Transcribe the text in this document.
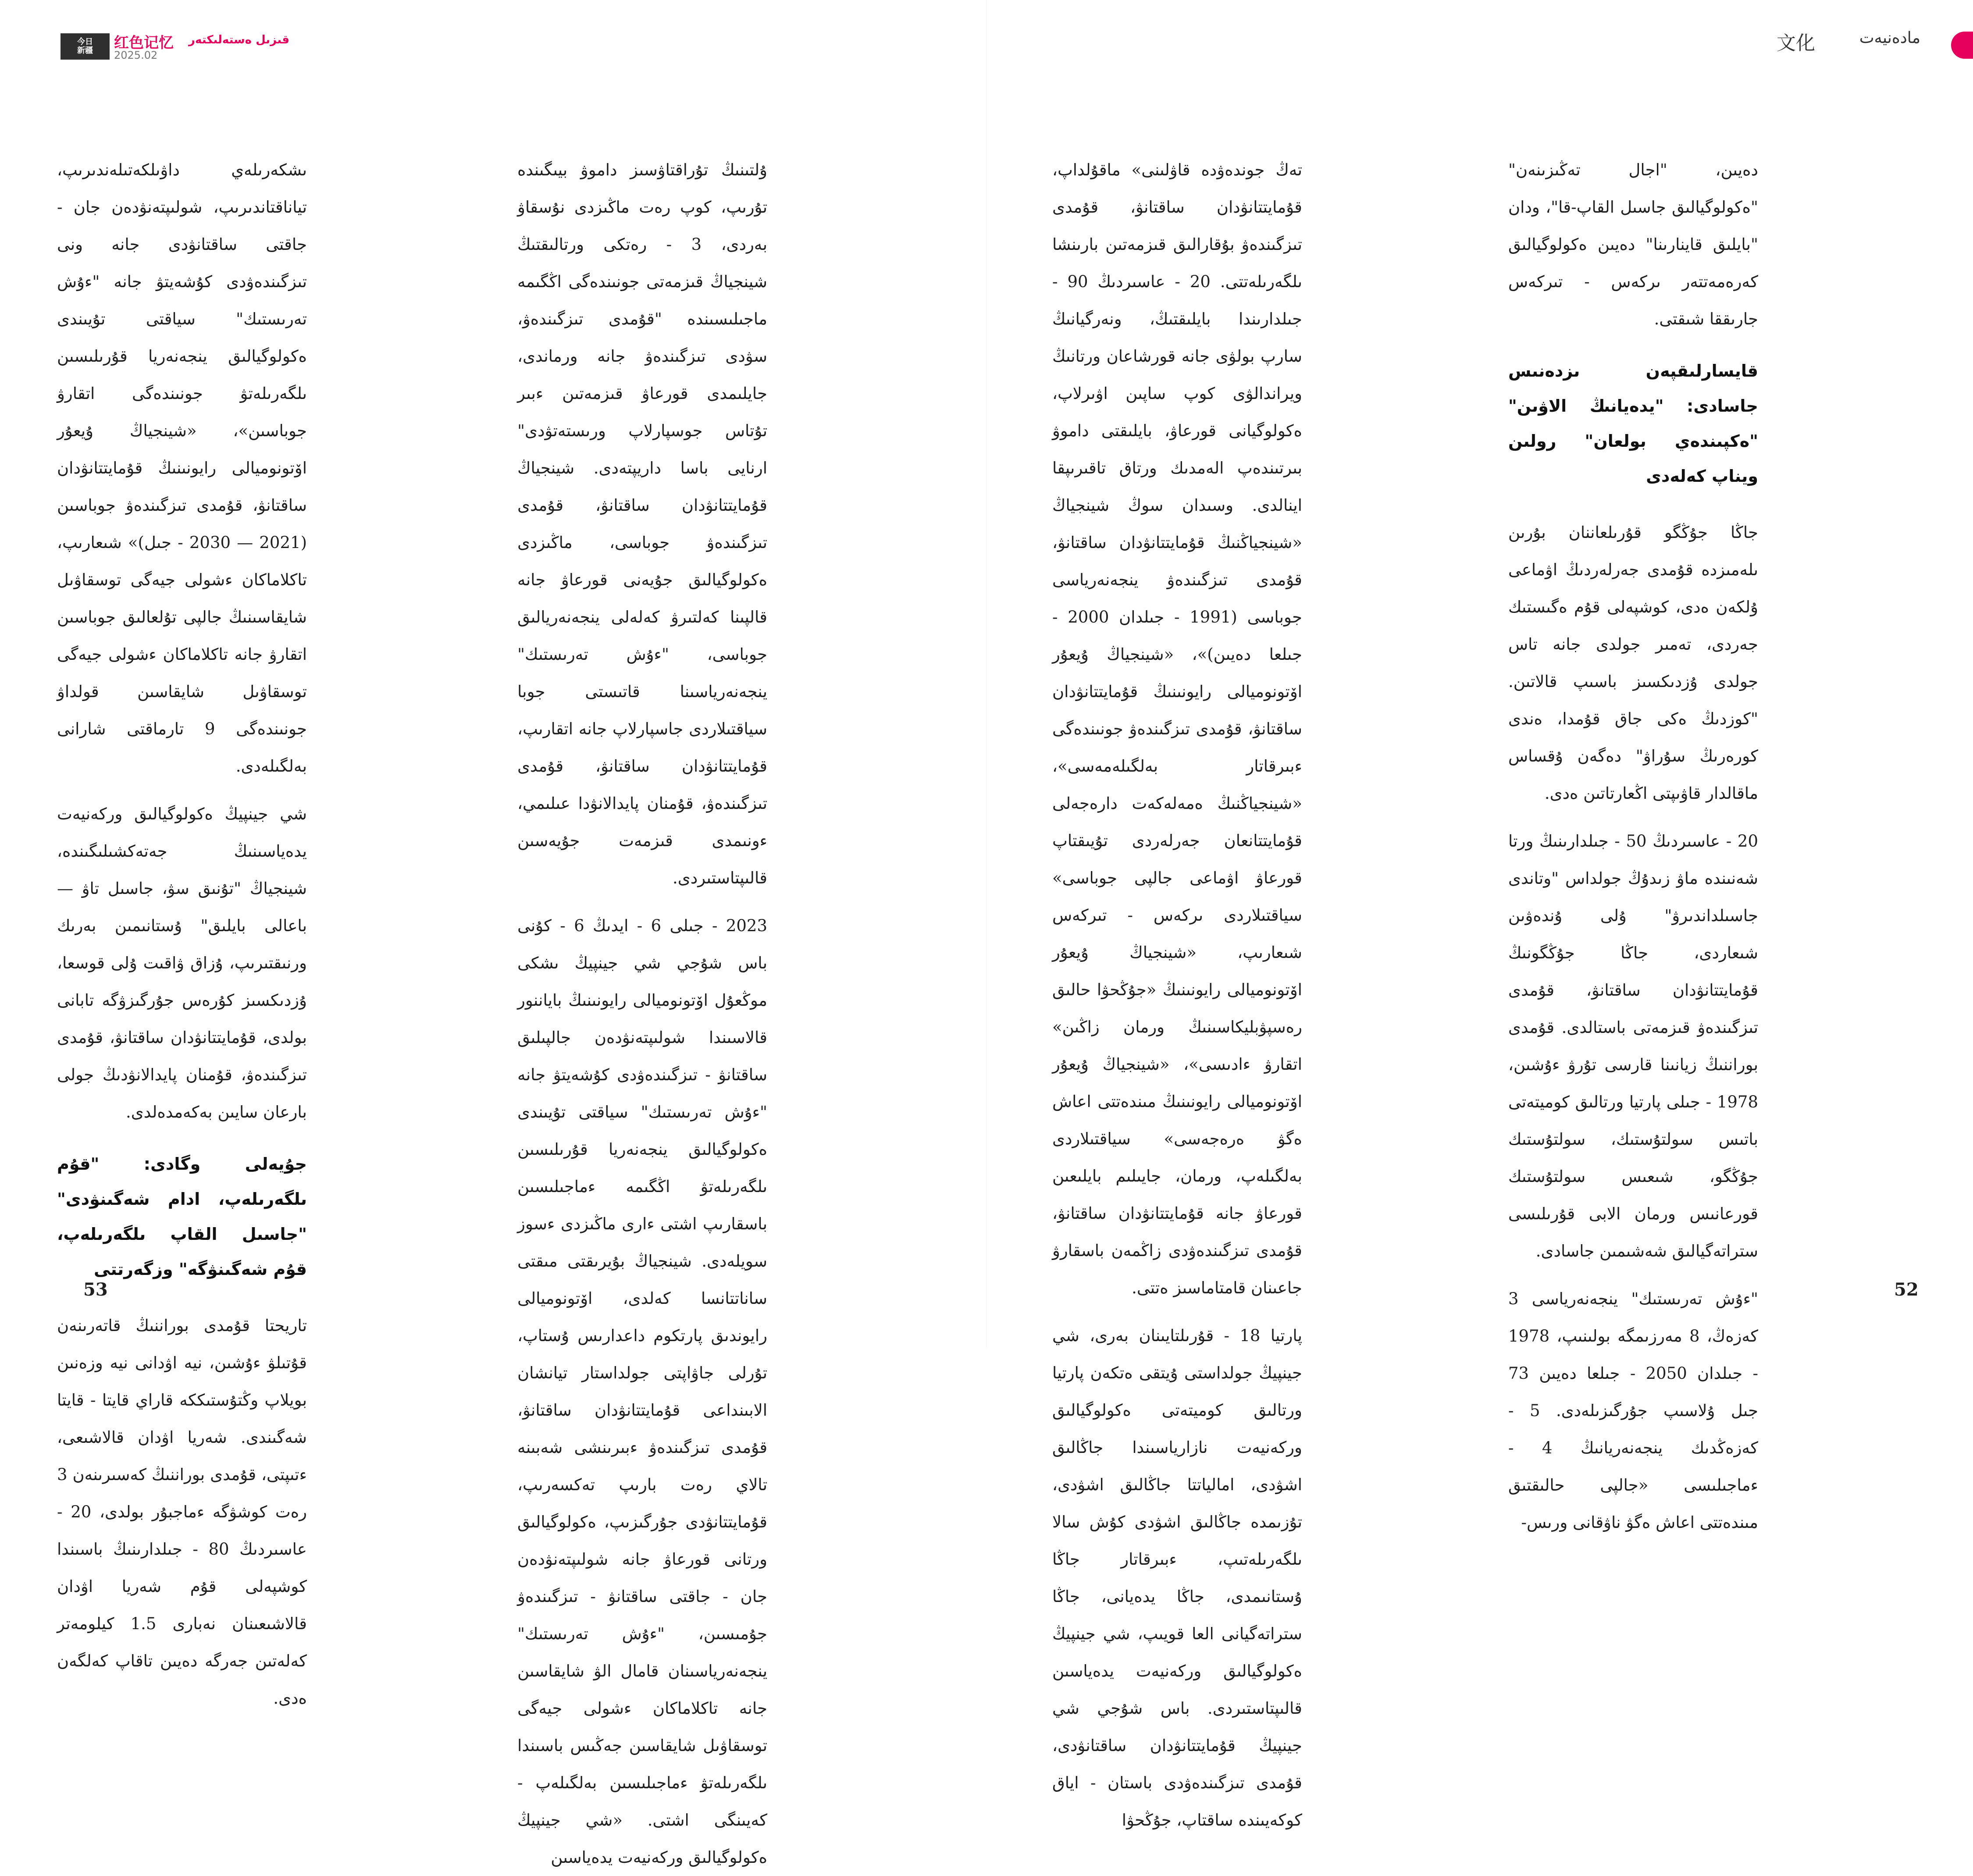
今日
新疆 红色记忆 قىزىل ەستەلىكتەر
2025.02
مادەنيەت
文化

دەيىن، "اجال تەڭىزىنەن" "ەكولوگيالىق جاسىل القاپ-قا"، ودان "بايلىق قاينارىنا" دەيىن ەكولوگيالىق كەرەمەتتەر ىركەس - تىركەس جارىققا شىقتى.

قايسارلىقپەن ىزدەنىس جاسادى: "يدەيانىڭ الاۋىن" "ەكپىندەي بولعان" رولىن ويناپ كەلەدى

جاڭا جۇڭگو قۇرىلعاننان بۇرىن ىلەمىزدە قۇمدى جەرلەردىڭ اۋماعى ۇلكەن ەدى، كوشپەلى قۇم ەگىستىك جەردى، تەمىر جولدى جانە تاس جولدى ۇزدىكسىز باسىپ قالاتىن. "كوزدىڭ ەكى جاق قۇمدا، ەندى كورەرىڭ سۇراۋ" دەگەن ۇقساس ماقالدار قاۋىپتى اڭعارتاتىن ەدى.

20 - عاسىردىڭ 50 - جىلدارىنىڭ ورتا شەنىندە ماۋ زىدۇڭ جولداس "وتاندى جاسىلداندىرۋ" ۇلى ۇندەۋىن شىعاردى، جاڭا جۇڭگونىڭ قۇمايتتانۋدان ساقتانۋ، قۇمدى تىزگىندەۋ قىزمەتى باستالدى. قۇمدى بوراننىڭ زيانىنا قارسى تۇرۋ ءۇشىن، 1978 - جىلى پارتيا ورتالىق كوميتەتى باتىس سولتۇستىك، سولتۇستىك جۇڭگو، شىعىس سولتۇستىك قورعانىس ورمان الابى قۇرىلىسى ستراتەگيالىق شەشىمىن جاسادى.

"ءۇش تەرىستىك" ينجەنەرياسى 3 كەزەڭ، 8 مەرزىمگە بولىنىپ، 1978 - جىلدان 2050 - جىلعا دەيىن 73 جىل ۇلاسىپ جۇرگىزىلەدى. 5 - كەزەڭدىك ينجەنەريانىڭ 4 - ءماجىلىسى «جالپى حالىقتىق مىندەتتى اعاش ەگۋ ناۋقانى ورىس-

تەڭ جوندەۋدە قاۋلىنى» ماقۇلداپ، قۇمايتتانۋدان ساقتانۋ، قۇمدى تىزگىندەۋ بۇقارالىق قىزمەتىن بارىنشا ىلگەرىلەتتى. 20 - عاسىردىڭ 90 - جىلدارىندا بايلىقتىڭ، ونەرگيانىڭ سارپ بولۋى جانە قورشاعان ورتانىڭ ويراندالۋى كوپ ساپىن اۋىرلاپ، ەكولوگيانى قورعاۋ، بايلىقتى داموۋ بىرتىندەپ الەمدىك ورتاق تاقىرىپقا اينالدى. وسىدان سوڭ شينجياڭ «شينجياڭنىڭ قۇمايتتانۋدان ساقتانۋ، قۇمدى تىزگىندەۋ ينجەنەرياسى جوباسى (1991 - جىلدان 2000 - جىلعا دەيىن)»، «شينجياڭ ۇيعۇر اۆتونوميالى رايونىنىڭ قۇمايتتانۋدان ساقتانۋ، قۇمدى تىزگىندەۋ جونىندەگى ءبىرقاتار بەلگىلەمەسى»، «شينجياڭنىڭ ەمەلەكەت دارەجەلى قۇمايتتانعان جەرلەردى تۇيىقتاپ قورعاۋ اۋماعى جالپى جوباسى» سياقتىلاردى ىركەس - تىركەس شىعارىپ، «شينجياڭ ۇيعۇر اۆتونوميالى رايونىنىڭ «جۇڭحۋا حالىق رەسپۋبليكاسىنىڭ ورمان زاڭىن» اتقارۋ ءادىسى»، «شينجياڭ ۇيعۇر اۆتونوميالى رايونىنىڭ مىندەتتى اعاش ەگۋ ەرەجەسى» سياقتىلاردى بەلگىلەپ، ورمان، جايىلىم بايلىعىن قورعاۋ جانە قۇمايتتانۋدان ساقتانۋ، قۇمدى تىزگىندەۋدى زاڭمەن باسقارۋ جاعىنان قامتاماسىز ەتتى.

پارتيا 18 - قۇرىلتايىنان بەرى، شي جينپيڭ جولداستى ۇيتقى ەتكەن پارتيا ورتالىق كوميتەتى ەكولوگيالىق وركەنيەت نازارياسىندا جاڭالىق اشۋدى، امالياتتا جاڭالىق اشۋدى، تۇزىمدە جاڭالىق اشۋدى كۇش سالا ىلگەرىلەتىپ، ءبىرقاتار جاڭا ۇستانىمدى، جاڭا يدەيانى، جاڭا ستراتەگيانى العا قويىپ، شي جينپيڭ ەكولوگيالىق وركەنيەت يدەياسىن قالىپتاستىردى. باس شۇجي شي جينپيڭ قۇمايتتانۋدان ساقتانۋدى، قۇمدى تىزگىندەۋدى باستان - اياق كوكەيىندە ساقتاپ، جۇڭحۋا

ۇلتىنىڭ تۇراقتاۋسىز داموۋ بيىگىندە تۇرىپ، كوپ رەت ماڭىزدى نۇسقاۋ بەردى، 3 - رەتكى ورتالىقتىڭ شينجياڭ قىزمەتى جونىندەگى اڭگىمە ماجىلىسىندە "قۇمدى تىزگىندەۋ، سۋدى تىزگىندەۋ جانە ورماندى، جايلىمدى قورعاۋ قىزمەتىن ءبىر تۇتاس جوسپارلاپ ورىستەتۋدى" ارنايى باسا داريپتەدى. شينجياڭ قۇمايتتانۋدان ساقتانۋ، قۇمدى تىزگىندەۋ جوباسى، ماڭىزدى ەكولوگيالىق جۇيەنى قورعاۋ جانە قالپىنا كەلتىرۋ كەلەلى ينجەنەريالىق جوباسى، "ءۇش تەرىستىك" ينجەنەرياسىنا قاتىستى جوبا سياقتىلاردى جاسپارلاپ جانە اتقارىپ، قۇمايتتانۋدان ساقتانۋ، قۇمدى تىزگىندەۋ، قۇمنان پايدالانۋدا عىلىمي، ءونىمدى قىزمەت جۇيەسىن قالىپتاستىردى.

2023 - جىلى 6 - ايدىڭ 6 - كۇنى باس شۇجي شي جينپيڭ ىشكى موڭعۇل اۆتونوميالى رايونىنىڭ باياننور قالاسىندا شولىپتەنۋدەن جالپىلىق ساقتانۋ - تىزگىندەۋدى كۇشەيتۋ جانە "ءۇش تەرىستىك" سياقتى تۇيىندى ەكولوگيالىق ينجەنەريا قۇرىلىسىن ىلگەرىلەتۋ اڭگىمە ءماجىلىسىن باسقارىپ اشتى ءارى ماڭىزدى ءسوز سويلەدى. شينجياڭ بۇيرىقتى مىقتى ساناتتانسا كەلدى، اۆتونوميالى رايوندىق پارتكوم داعدارىس ۇستاپ، تۇرلى جاۋاپتى جولداستار تيانشان الابىنداعى قۇمايتتانۋدان ساقتانۋ، قۇمدى تىزگىندەۋ ءبىرىنشى شەبىنە تالاي رەت بارىپ تەكسەرىپ، قۇمايتتانۋدى جۇرگىزىپ، ەكولوگيالىق ورتانى قورعاۋ جانە شولىپتەنۋدەن جان - جاقتى ساقتانۋ - تىزگىندەۋ جۇمىسىن، "ءۇش تەرىستىك" ينجەنەرياسىنان قامال الۋ شايقاسىن جانە تاكلاماكان ءشولى جيەگى توسقاۋىل شايقاسىن جەڭىس باسىندا ىلگەرىلەتۋ ءماجىلىسىن بەلگىلەپ - كەيىنگى اشتى. «شي جينپيڭ ەكولوگيالىق وركەنيەت يدەياسىن

ىشكەرىلەي داۋىلكەتىلەندىرىپ، تياناقتاندىرىپ، شولىپتەنۋدەن جان - جاقتى ساقتانۋدى جانە ونى تىزگىندەۋدى كۇشەيتۋ جانە "ءۇش تەرىستىك" سياقتى تۇيىندى ەكولوگيالىق ينجەنەريا قۇرىلىسىن ىلگەرىلەتۋ جونىندەگى اتقارۋ جوباسىن»، «شينجياڭ ۇيعۇر اۆتونوميالى رايونىنىڭ قۇمايتتانۋدان ساقتانۋ، قۇمدى تىزگىندەۋ جوباسىن (2021 — 2030 - جىل)» شىعارىپ، تاكلاماكان ءشولى جيەگى توسقاۋىل شايقاسىنىڭ جالپى تۇلعالىق جوباسىن اتقارۋ جانە تاكلاماكان ءشولى جيەگى توسقاۋىل شايقاسىن قولداۋ جونىندەگى 9 تارماقتى شارانى بەلگىلەدى.

شي جينپيڭ ەكولوگيالىق وركەنيەت يدەياسىنىڭ جەتەكشىلىگىندە، شينجياڭ "تۇنىق سۋ، جاسىل تاۋ — باعالى بايلىق" ۇستانىمىن بەرىك ورنىقتىرىپ، ۇزاق ۋاقىت ۇلى قوسعا، ۇزدىكسىز كۇرەس جۇرگىزۋگە تابانى بولدى، قۇمايتتانۋدان ساقتانۋ، قۇمدى تىزگىندەۋ، قۇمنان پايدالانۋدىڭ جولى بارعان سايىن بەكەمدەلدى.

جۇيەلى وگادى: "قۇم ىلگەرىلەپ، ادام شەگىنۋدى" "جاسىل القاپ ىلگەرىلەپ، قۇم شەگىنۋگە" وزگەرتتى

تاريحتا قۇمدى بوراننىڭ قاتەرىنەن قۇتىلۋ ءۇشىن، نيە اۋدانى نيە وزەنىن بويلاپ وڭتۇستىككە قاراي قايتا - قايتا شەگىندى. شەريا اۋدان قالاشىعى، ءتىپتى، قۇمدى بوراننىڭ كەسىرىنەن 3 رەت كوشۋگە ءماجبۇر بولدى، 20 - عاسىردىڭ 80 - جىلدارىنىڭ باسىندا كوشپەلى قۇم شەريا اۋدان قالاشىعىنان نەبارى 1.5 كيلومەتر كەلەتىن جەرگە دەيىن تاقاپ كەلگەن ەدى.

53	52
